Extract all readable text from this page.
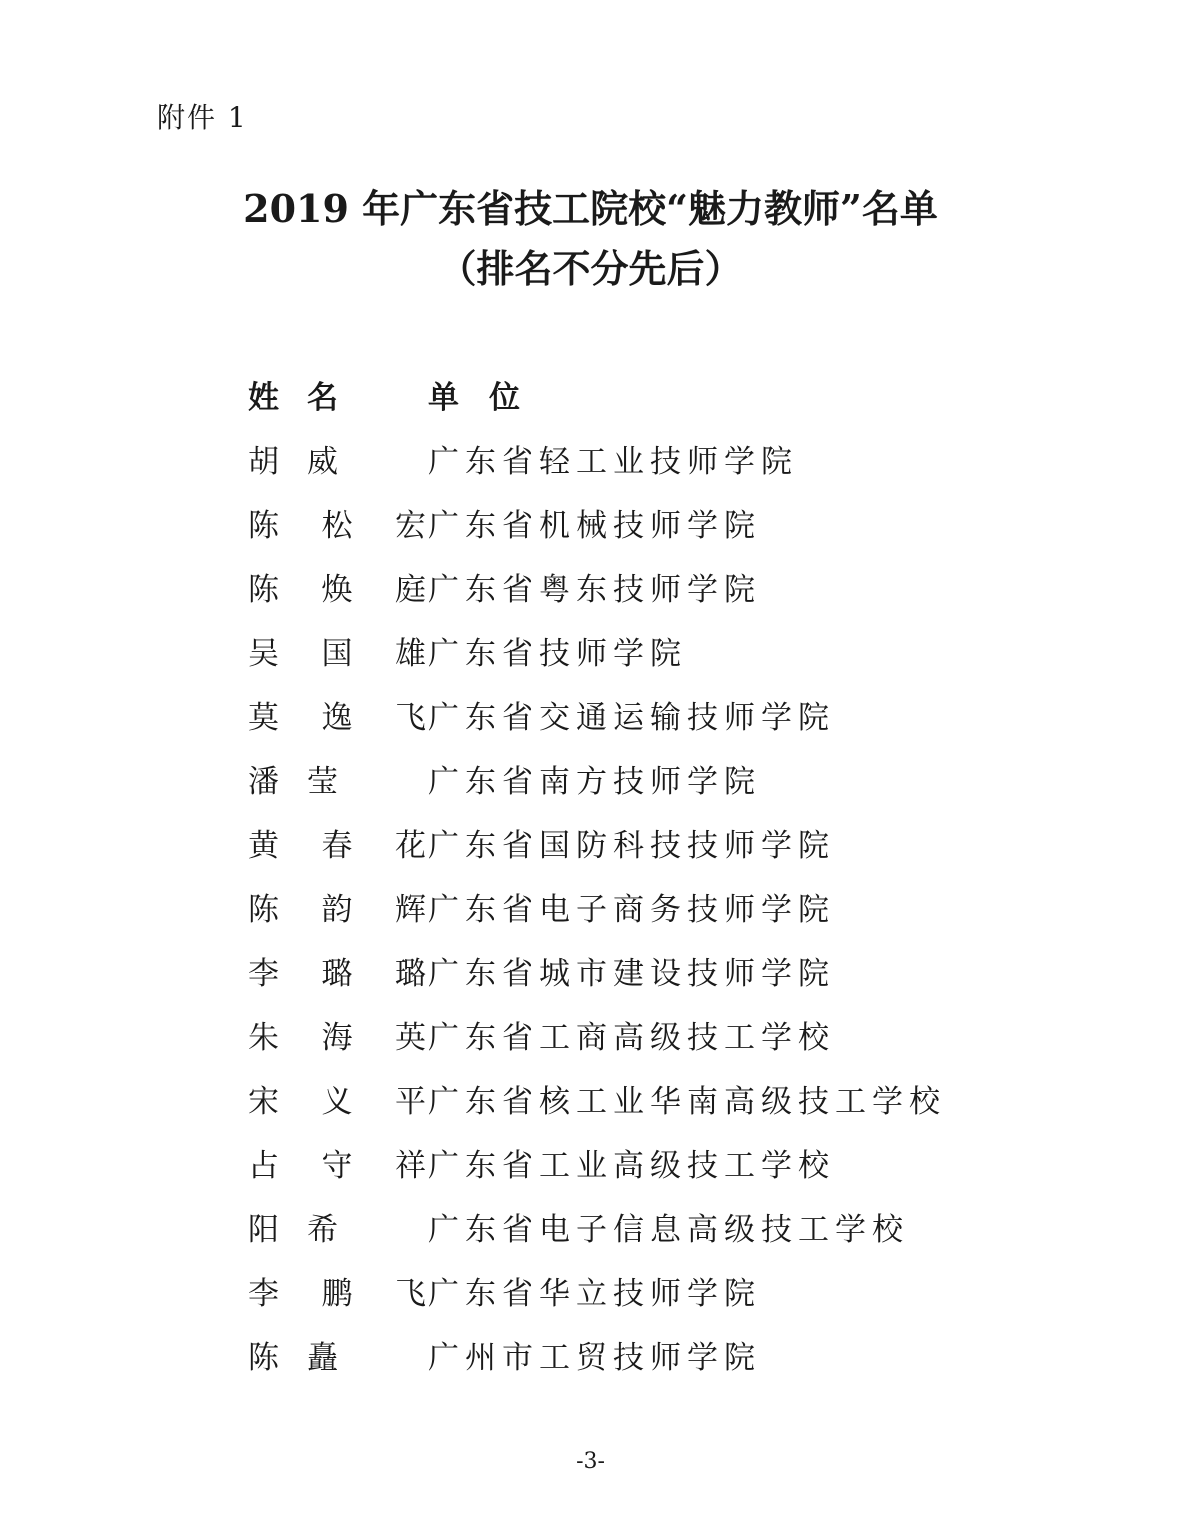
附件 1
2019 年广东省技工院校“魅力教师”名单
（排名不分先后）
姓 名	单 位
胡 威	广东省轻工业技师学院
陈 松 宏 广东省机械技师学院
陈 焕 庭 广东省粤东技师学院
吴 国 雄 广东省技师学院
莫 逸 飞 广东省交通运输技师学院
潘 莹	广东省南方技师学院
黄 春 花 广东省国防科技技师学院
陈 韵 辉 广东省电子商务技师学院
李 璐 璐 广东省城市建设技师学院
朱 海 英 广东省工商高级技工学校
宋 义 平 广东省核工业华南高级技工学校
占 守 祥 广东省工业高级技工学校
阳 希	广东省电子信息高级技工学校
李 鹏 飞 广东省华立技师学院
陈 矗	广州市工贸技师学院
-3-
